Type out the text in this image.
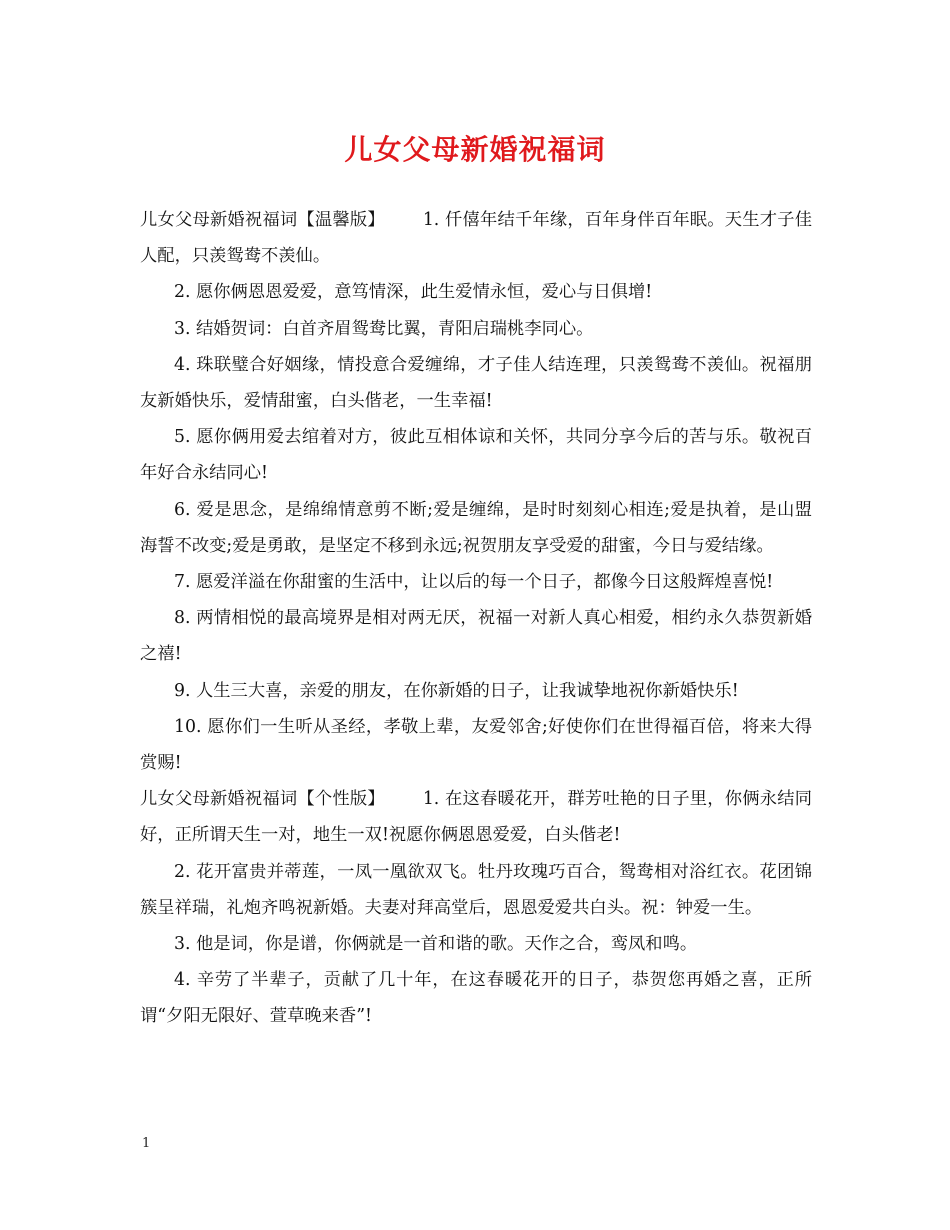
儿女父母新婚祝福词

儿女父母新婚祝福词【温馨版】 1. 仟僖年结千年缘，百年身伴百年眠。天生才子佳人配，只羡鸳鸯不羡仙。

2. 愿你俩恩恩爱爱，意笃情深，此生爱情永恒，爱心与日俱增!

3. 结婚贺词：白首齐眉鸳鸯比翼，青阳启瑞桃李同心。

4. 珠联璧合好姻缘，情投意合爱缠绵，才子佳人结连理，只羡鸳鸯不羡仙。祝福朋友新婚快乐，爱情甜蜜，白头偕老，一生幸福!

5. 愿你俩用爱去绾着对方，彼此互相体谅和关怀，共同分享今后的苦与乐。敬祝百年好合永结同心!

6. 爱是思念，是绵绵情意剪不断;爱是缠绵，是时时刻刻心相连;爱是执着，是山盟海誓不改变;爱是勇敢，是坚定不移到永远;祝贺朋友享受爱的甜蜜，今日与爱结缘。

7. 愿爱洋溢在你甜蜜的生活中，让以后的每一个日子，都像今日这般辉煌喜悦!

8. 两情相悦的最高境界是相对两无厌，祝福一对新人真心相爱，相约永久恭贺新婚之禧!

9. 人生三大喜，亲爱的朋友，在你新婚的日子，让我诚挚地祝你新婚快乐!

10. 愿你们一生听从圣经，孝敬上辈，友爱邻舍;好使你们在世得福百倍，将来大得赏赐!

儿女父母新婚祝福词【个性版】 1. 在这春暖花开，群芳吐艳的日子里，你俩永结同好，正所谓天生一对，地生一双!祝愿你俩恩恩爱爱，白头偕老!

2. 花开富贵并蒂莲，一凤一凰欲双飞。牡丹玫瑰巧百合，鸳鸯相对浴红衣。花团锦簇呈祥瑞，礼炮齐鸣祝新婚。夫妻对拜高堂后，恩恩爱爱共白头。祝：钟爱一生。

3. 他是词，你是谱，你俩就是一首和谐的歌。天作之合，鸾凤和鸣。

4. 辛劳了半辈子，贡献了几十年，在这春暖花开的日子，恭贺您再婚之喜，正所谓“夕阳无限好、萱草晚来香”!

1
